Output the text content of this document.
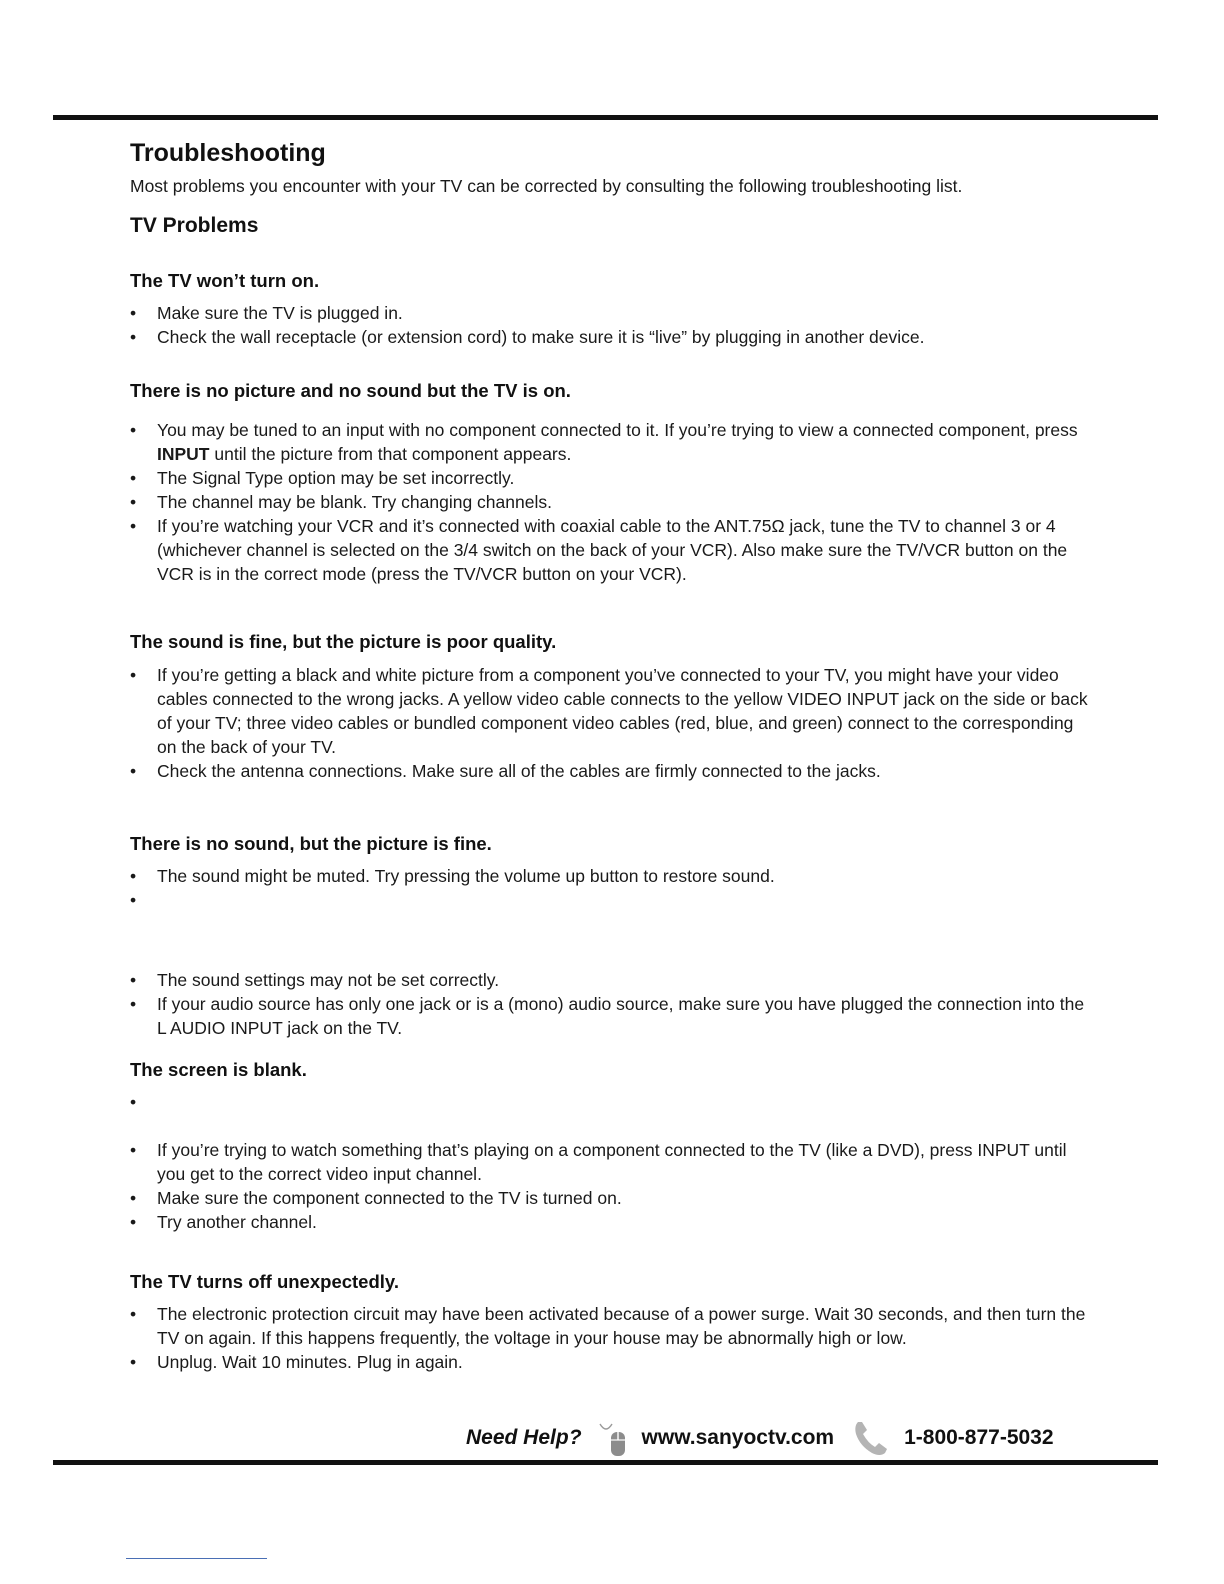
Troubleshooting

Most problems you encounter with your TV can be corrected by consulting the following troubleshooting list.

TV Problems
The TV won’t turn on.
• Make sure the TV is plugged in.
• Check the wall receptacle (or extension cord) to make sure it is “live” by plugging in another device.
There is no picture and no sound but the TV is on.
• You may be tuned to an input with no component connected to it. If you’re trying to view a connected component, press INPUT until the picture from that component appears.
• The Signal Type option may be set incorrectly.
• The channel may be blank. Try changing channels.
• If you’re watching your VCR and it’s connected with coaxial cable to the ANT.75Ω jack, tune the TV to channel 3 or 4 (whichever channel is selected on the 3/4 switch on the back of your VCR). Also make sure the TV/VCR button on the VCR is in the correct mode (press the TV/VCR button on your VCR).
The sound is fine, but the picture is poor quality.
• If you’re getting a black and white picture from a component you’ve connected to your TV, you might have your video cables connected to the wrong jacks. A yellow video cable connects to the yellow VIDEO INPUT jack on the side or back of your TV; three video cables or bundled component video cables (red, blue, and green) connect to the corresponding                          on the back of your TV.
• Check the antenna connections. Make sure all of the cables are firmly connected to the jacks.
There is no sound, but the picture is fine.
• The sound might be muted. Try pressing the volume up button to restore sound.
•
• The sound settings may not be set correctly.
• If your audio source has only one jack or is a (mono) audio source, make sure you have plugged the connection into the L AUDIO INPUT jack on the TV.
The screen is blank.
•
• If you’re trying to watch something that’s playing on a component connected to the TV (like a DVD), press INPUT until you get to the correct video input channel.
• Make sure the component connected to the TV is turned on.
• Try another channel.
The TV turns off unexpectedly.
• The electronic protection circuit may have been activated because of a power surge. Wait 30 seconds, and then turn the TV on again. If this happens frequently, the voltage in your house may be abnormally high or low.
• Unplug. Wait 10 minutes. Plug in again.
Need Help?	www.sanyoctv.com	1-800-877-5032
